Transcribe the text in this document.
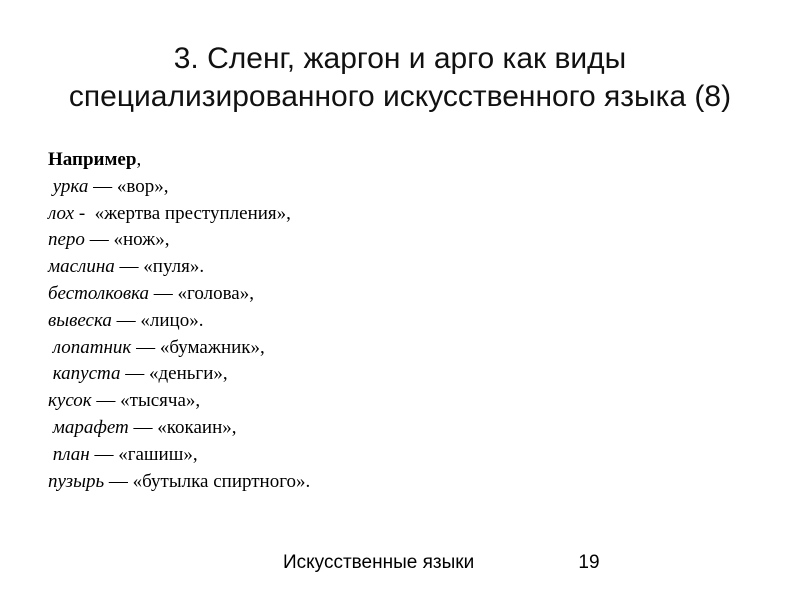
3. Сленг, жаргон и арго как виды
специализированного искусственного языка (8)
Например,
урка — «вор»,
лох -  «жертва преступления»,
перо — «нож»,
маслина — «пуля».
бестолковка — «голова»,
вывеска — «лицо».
лопатник — «бумажник»,
капуста — «деньги»,
кусок — «тысяча»,
марафет — «кокаин»,
план — «гашиш»,
пузырь — «бутылка спиртного».
Искусственные языки	19
